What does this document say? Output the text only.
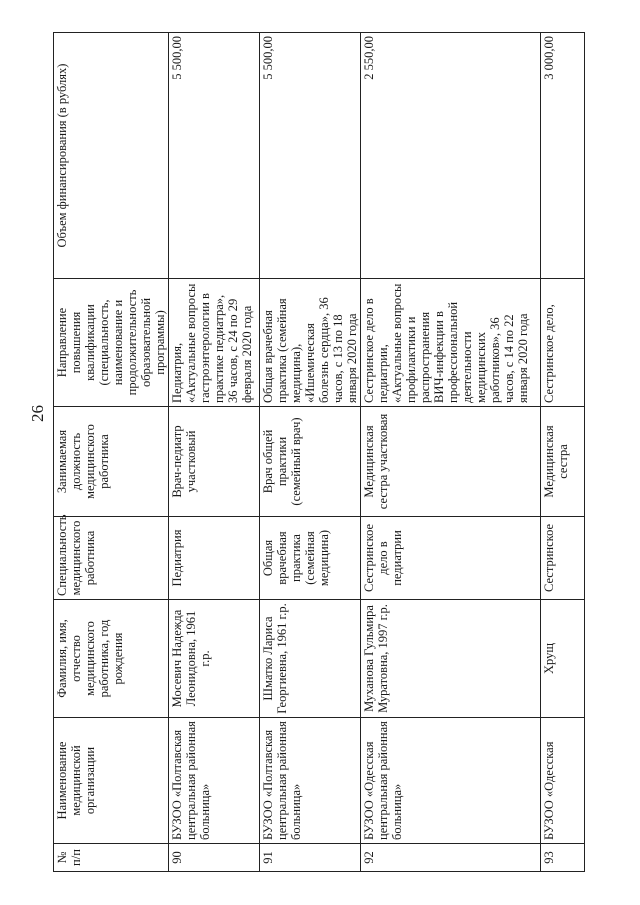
26
№ п/п	Наименование медицинской организации	Фамилия, имя, отчество медицинского работника, год рождения	Специальность медицинского работника	Занимаемая должность медицинского работника	Направление повышения квалификации (специальность, наименование и продолжительность образовательной программы)	Объем финансирования (в рублях)
90	БУЗОО «Полтавская центральная районная больница»	Мосевич Надежда Леонидовна, 1961 г.р.	Педиатрия	Врач-педиатр участковый	Педиатрия, «Актуальные вопросы гастроэнтерологии в практике педиатра», 36 часов, с 24 по 29 февраля 2020 года	5 500,00
91	БУЗОО «Полтавская центральная районная больница»	Шматко Лариса Георгиевна, 1961 г.р.	Общая врачебная практика (семейная медицина)	Врач общей практики (семейный врач)	Общая врачебная практика (семейная медицина), «Ишемическая болезнь сердца», 36 часов, с 13 по 18 января 2020 года	5 500,00
92	БУЗОО «Одесская центральная районная больница»	Муханова Гульмира Муратовна, 1997 г.р.	Сестринское дело в педиатрии	Медицинская сестра участковая	Сестринское дело в педиатрии, «Актуальные вопросы профилактики и распространения ВИЧ-инфекции в профессиональной деятельности медицинских работников», 36 часов, с 14 по 22 января 2020 года	2 550,00
93	БУЗОО «Одесская	Хрущ	Сестринское	Медицинская сестра	Сестринское дело,	3 000,00
